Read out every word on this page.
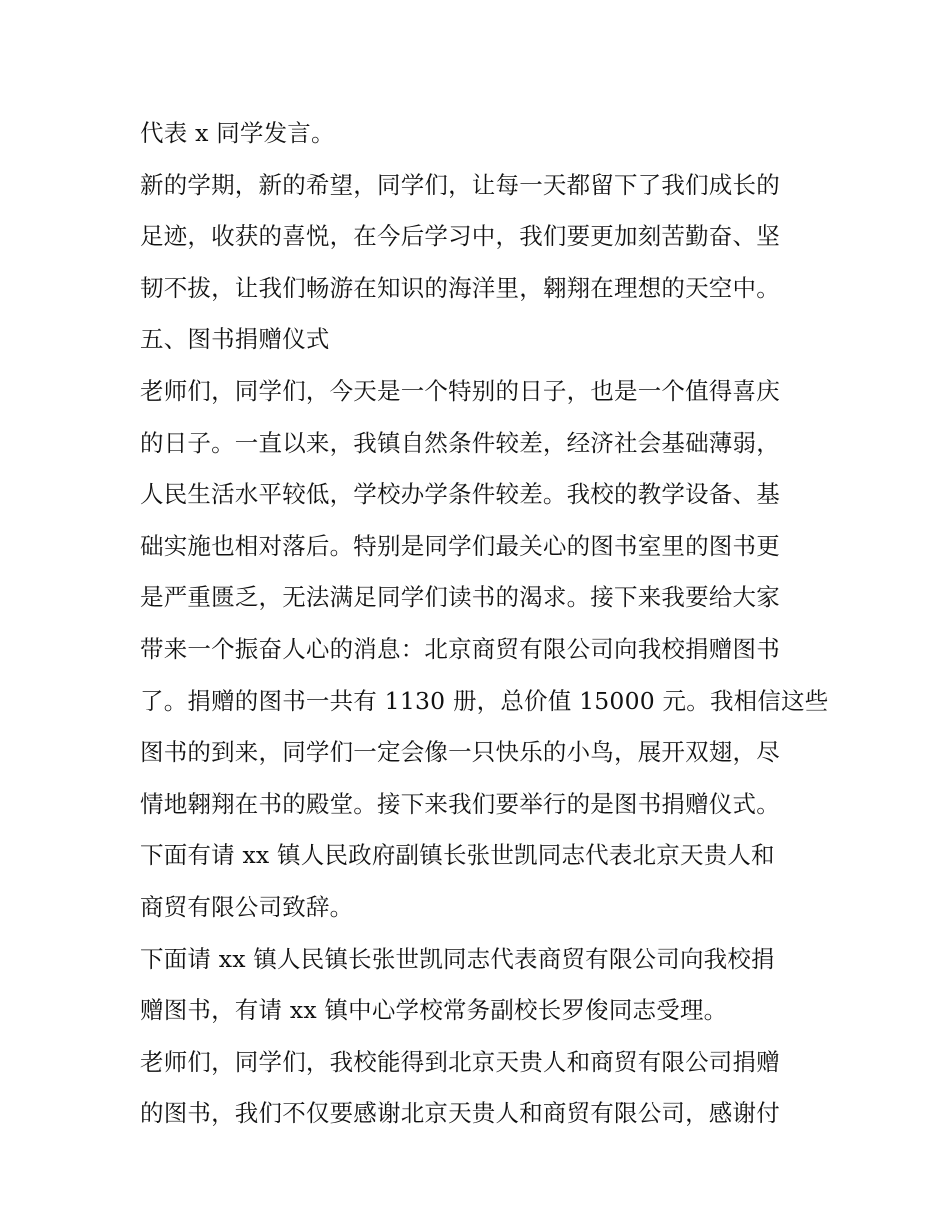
代表 x 同学发言。
新的学期，新的希望，同学们，让每一天都留下了我们成长的
足迹，收获的喜悦，在今后学习中，我们要更加刻苦勤奋、坚
韧不拔，让我们畅游在知识的海洋里，翱翔在理想的天空中。
五、图书捐赠仪式
老师们，同学们，今天是一个特别的日子，也是一个值得喜庆
的日子。一直以来，我镇自然条件较差，经济社会基础薄弱，
人民生活水平较低，学校办学条件较差。我校的教学设备、基
础实施也相对落后。特别是同学们最关心的图书室里的图书更
是严重匮乏，无法满足同学们读书的渴求。接下来我要给大家
带来一个振奋人心的消息：北京商贸有限公司向我校捐赠图书
了。捐赠的图书一共有 1130 册，总价值 15000 元。我相信这些
图书的到来，同学们一定会像一只快乐的小鸟，展开双翅，尽
情地翱翔在书的殿堂。接下来我们要举行的是图书捐赠仪式。
下面有请 xx 镇人民政府副镇长张世凯同志代表北京天贵人和
商贸有限公司致辞。
下面请 xx 镇人民镇长张世凯同志代表商贸有限公司向我校捐
赠图书，有请 xx 镇中心学校常务副校长罗俊同志受理。
老师们，同学们，我校能得到北京天贵人和商贸有限公司捐赠
的图书，我们不仅要感谢北京天贵人和商贸有限公司，感谢付
